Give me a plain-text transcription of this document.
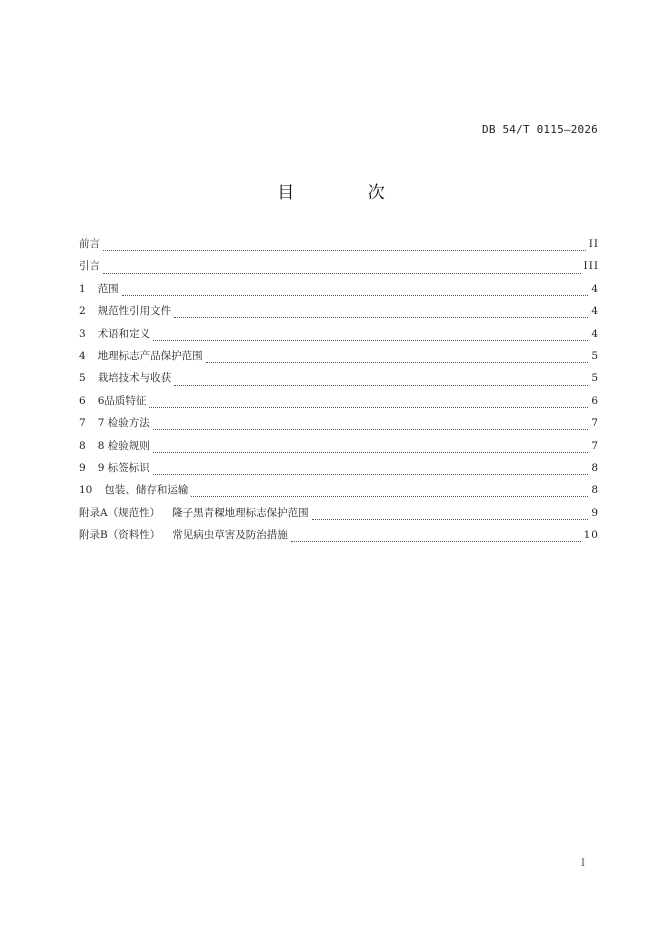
DB 54/T 0115—2026
目 次
前言	II
引言	III
1 范围	4
2 规范性引用文件	4
3 术语和定义	4
4 地理标志产品保护范围	5
5 栽培技术与收获	5
6 6品质特征	6
7 7 检验方法	7
8 8 检验规则	7
9 9 标签标识	8
10 包装、储存和运输	8
附录A（规范性） 隆子黑青稞地理标志保护范围	9
附录B（资料性） 常见病虫草害及防治措施	10
I
